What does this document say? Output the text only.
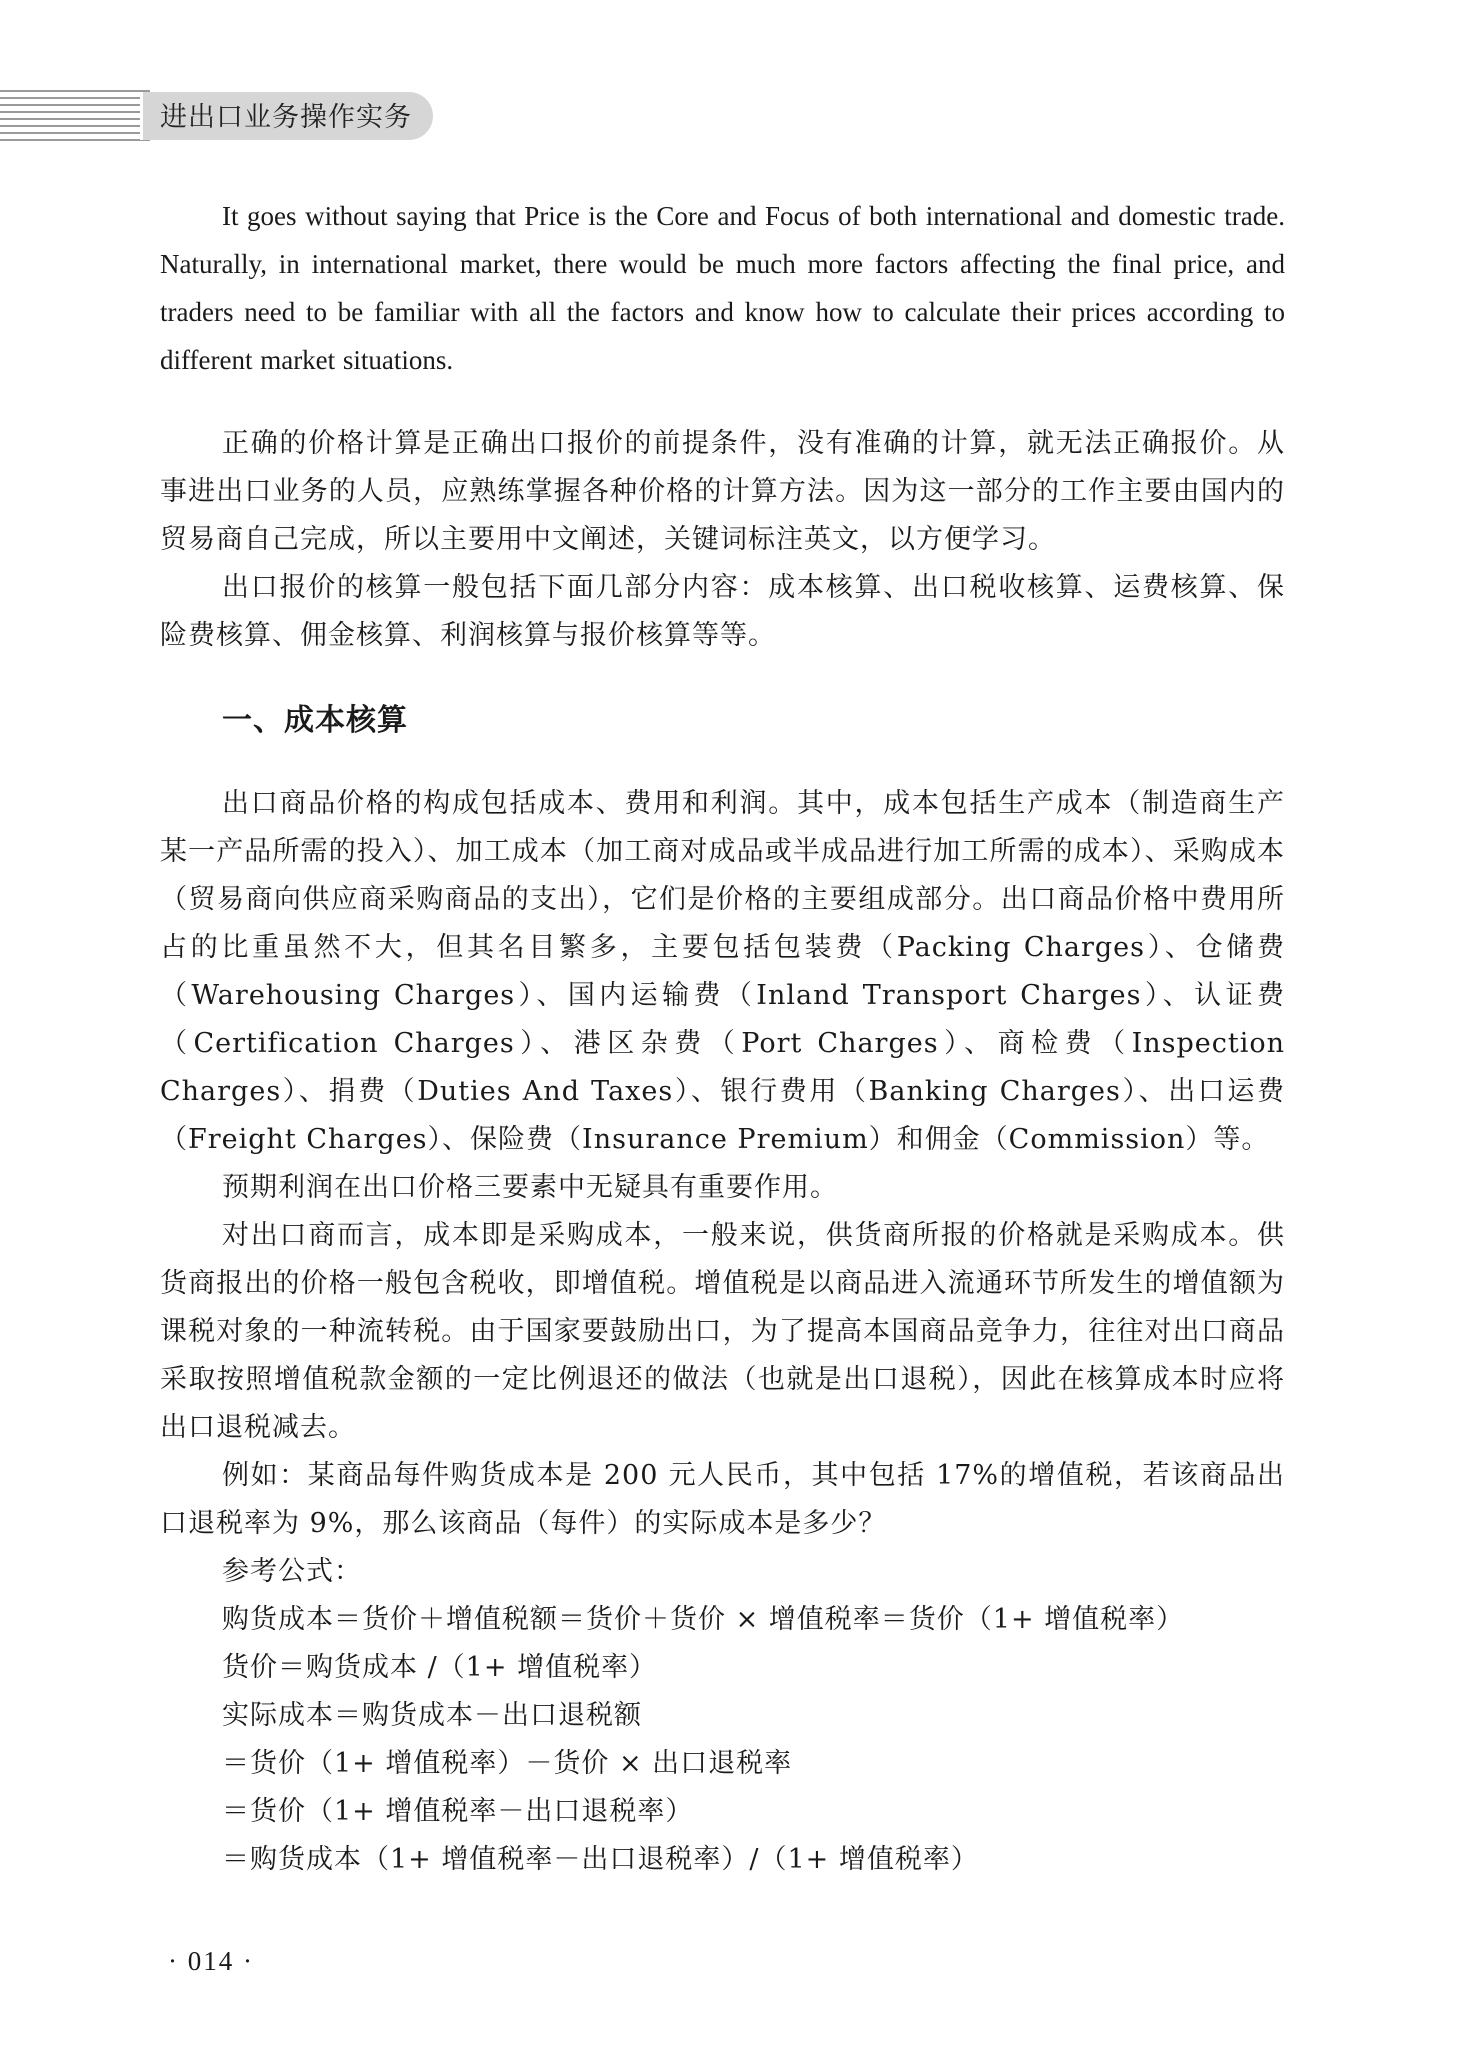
进出口业务操作实务

It goes without saying that Price is the Core and Focus of both international and domestic trade. Naturally, in international market, there would be much more factors affecting the final price, and traders need to be familiar with all the factors and know how to calculate their prices according to different market situations.

正确的价格计算是正确出口报价的前提条件，没有准确的计算，就无法正确报价。从事进出口业务的人员，应熟练掌握各种价格的计算方法。因为这一部分的工作主要由国内的贸易商自己完成，所以主要用中文阐述，关键词标注英文，以方便学习。

出口报价的核算一般包括下面几部分内容：成本核算、出口税收核算、运费核算、保险费核算、佣金核算、利润核算与报价核算等等。

一、成本核算

出口商品价格的构成包括成本、费用和利润。其中，成本包括生产成本（制造商生产某一产品所需的投入）、加工成本（加工商对成品或半成品进行加工所需的成本）、采购成本（贸易商向供应商采购商品的支出），它们是价格的主要组成部分。出口商品价格中费用所占的比重虽然不大，但其名目繁多，主要包括包装费（Packing Charges）、仓储费（Warehousing Charges）、国内运输费（Inland Transport Charges）、认证费（Certification Charges）、港区杂费（Port Charges）、商检费（Inspection Charges）、捐费（Duties And Taxes）、银行费用（Banking Charges）、出口运费（Freight Charges）、保险费（Insurance Premium）和佣金（Commission）等。

预期利润在出口价格三要素中无疑具有重要作用。

对出口商而言，成本即是采购成本，一般来说，供货商所报的价格就是采购成本。供货商报出的价格一般包含税收，即增值税。增值税是以商品进入流通环节所发生的增值额为课税对象的一种流转税。由于国家要鼓励出口，为了提高本国商品竞争力，往往对出口商品采取按照增值税款金额的一定比例退还的做法（也就是出口退税），因此在核算成本时应将出口退税减去。

例如：某商品每件购货成本是 200 元人民币，其中包括 17%的增值税，若该商品出口退税率为 9%，那么该商品（每件）的实际成本是多少？

参考公式：

购货成本＝货价＋增值税额＝货价＋货价 × 增值税率＝货价（1+ 增值税率）

货价＝购货成本 /（1+ 增值税率）

实际成本＝购货成本－出口退税额

＝货价（1+ 增值税率）－货价 × 出口退税率

＝货价（1+ 增值税率－出口退税率）

＝购货成本（1+ 增值税率－出口退税率）/（1+ 增值税率）

· 014 ·
